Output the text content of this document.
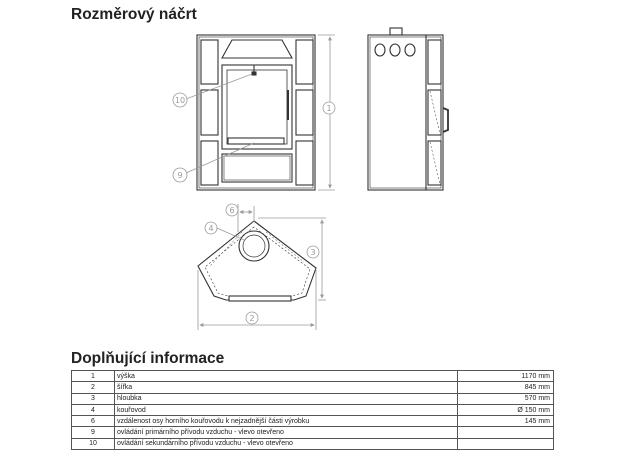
Rozměrový náčrt
1
10
9
2
3
6
4
Doplňující informace
1	výška	1170 mm
2	šířka	845 mm
3	hloubka	570 mm
4	kouřovod	Ø 150 mm
6	vzdálenost osy horního kouřovodu k nejzadnější části výrobku	145 mm
9	ovládání primárního přívodu vzduchu - vlevo otevřeno	
10	ovládání sekundárního přívodu vzduchu - vlevo otevřeno	
